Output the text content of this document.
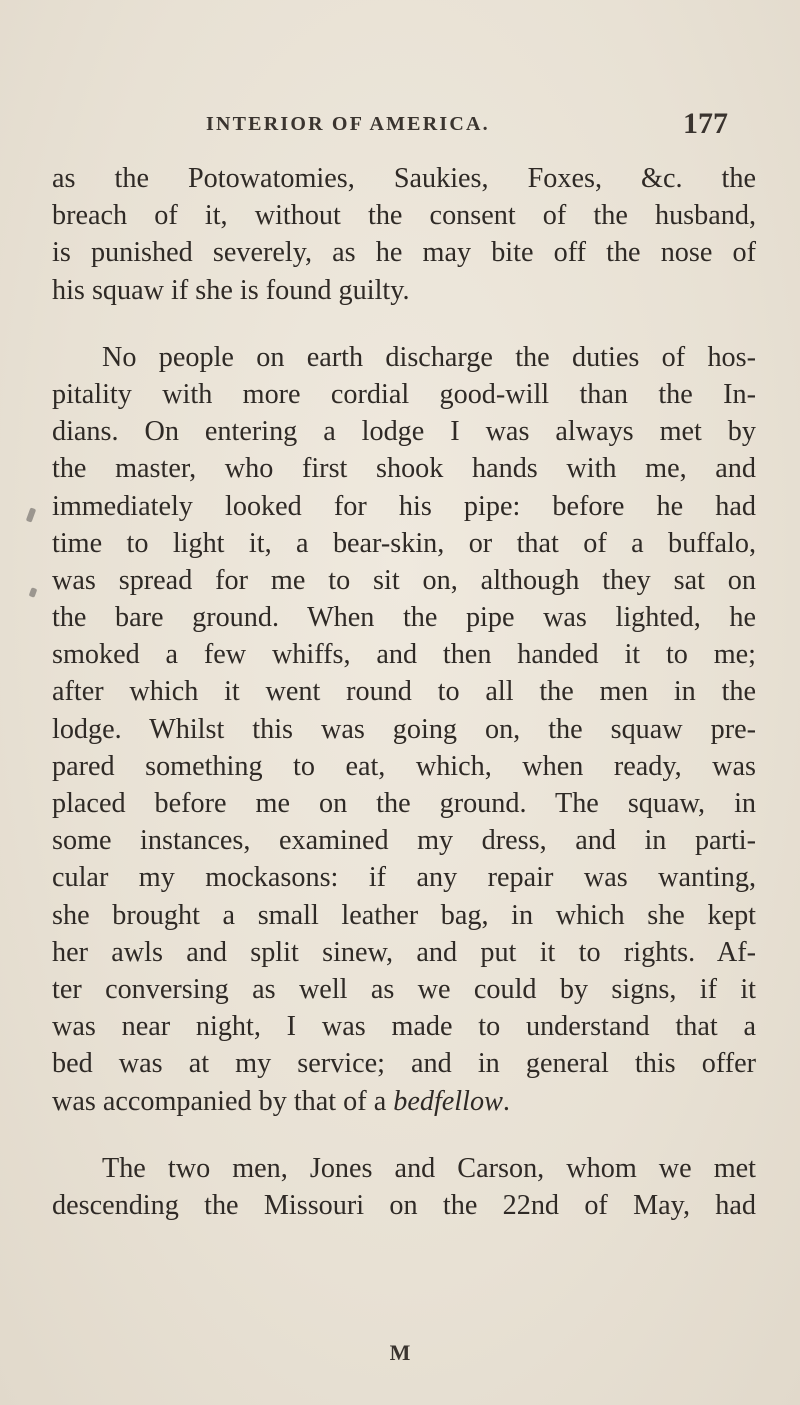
INTERIOR OF AMERICA.	177

as the Potowatomies, Saukies, Foxes, &c. the
breach of it, without the consent of the husband,
is punished severely, as he may bite off the nose of
his squaw if she is found guilty.

No people on earth discharge the duties of hos-
pitality with more cordial good-will than the In-
dians. On entering a lodge I was always met by
the master, who first shook hands with me, and
immediately looked for his pipe: before he had
time to light it, a bear-skin, or that of a buffalo,
was spread for me to sit on, although they sat on
the bare ground. When the pipe was lighted, he
smoked a few whiffs, and then handed it to me;
after which it went round to all the men in the
lodge. Whilst this was going on, the squaw pre-
pared something to eat, which, when ready, was
placed before me on the ground. The squaw, in
some instances, examined my dress, and in parti-
cular my mockasons: if any repair was wanting,
she brought a small leather bag, in which she kept
her awls and split sinew, and put it to rights. Af-
ter conversing as well as we could by signs, if it
was near night, I was made to understand that a
bed was at my service; and in general this offer
was accompanied by that of a bedfellow.

The two men, Jones and Carson, whom we met
descending the Missouri on the 22nd of May, had

M
